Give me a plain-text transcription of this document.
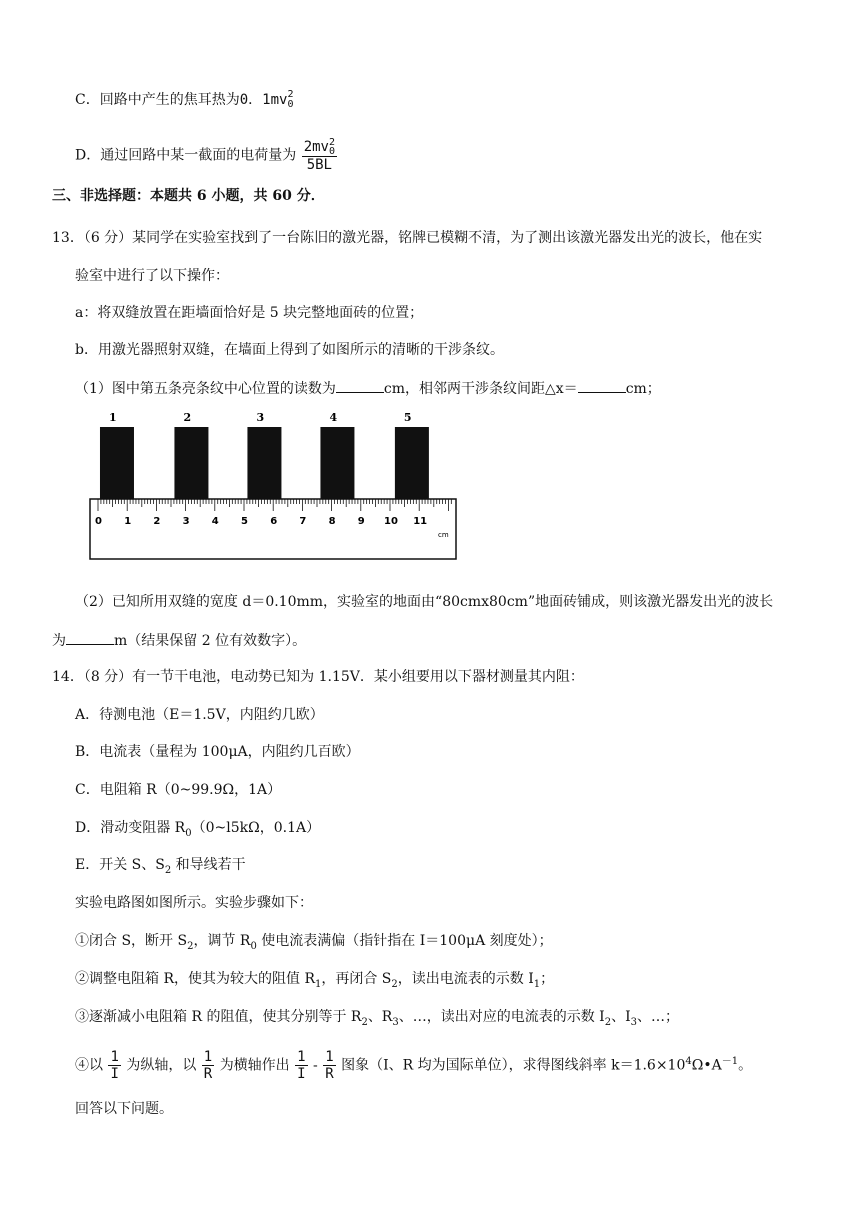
C．回路中产生的焦耳热为0．1mv 2
0
D．通过回路中某一截面的电荷量为 2mv 2
0
5BL
三、非选择题：本题共 6 小题，共 60 分．
13．（6 分）某同学在实验室找到了一台陈旧的激光器，铭牌已模糊不清，为了测出该激光器发出光的波长，他在实
验室中进行了以下操作：
a：将双缝放置在距墙面恰好是 5 块完整地面砖的位置；
b．用激光器照射双缝，在墙面上得到了如图所示的清晰的干涉条纹。
（1）图中第五条亮条纹中心位置的读数为	cm，相邻两干涉条纹间距△x＝	cm；
1	2	3	4	5
0 1 2 3 4 5 6 7 8 9 10 11
cm
（2）已知所用双缝的宽度 d＝0.10mm，实验室的地面由“80cmx80cm”地面砖铺成，则该激光器发出光的波长
为	m（结果保留 2 位有效数字）。
14．（8 分）有一节干电池，电动势已知为 1.15V．某小组要用以下器材测量其内阻：
A．待测电池（E＝1.5V，内阻约几欧）
B．电流表（量程为 100μA，内阻约几百欧）
C．电阻箱 R（0~99.9Ω，1A）
D．滑动变阻器 $R_0(0\sim l5k\Omega$，0.1A）
E．开关 S、$S_2$ 和导线若干
实验电路图如图所示。实验步骤如下：
①闭合 S，断开 $S_2$，调节 $R_0$ 使电流表满偏（指针指在 I＝100μA 刻度处）；
②调整电阻箱 R，使其为较大的阻值 $R_1$，再闭合 $S_2$，读出电流表的示数 $I_1$；
③逐渐减小电阻箱 R 的阻值，使其分别等于 $R_2$、$R_3$、…，读出对应的电流表的示数 $I_2$、$I_3$、…；
④以 $\frac{1}{I}$ 为纵轴，以 $\frac{1}{R}$ 为横轴作出 $\frac{1}{I} - \frac{1}{R}$ 图象（I、R 均为国际单位），求得图线斜率 $k=1.6\times 10^4\Omega•A^{-1}$。
回答以下问题。
